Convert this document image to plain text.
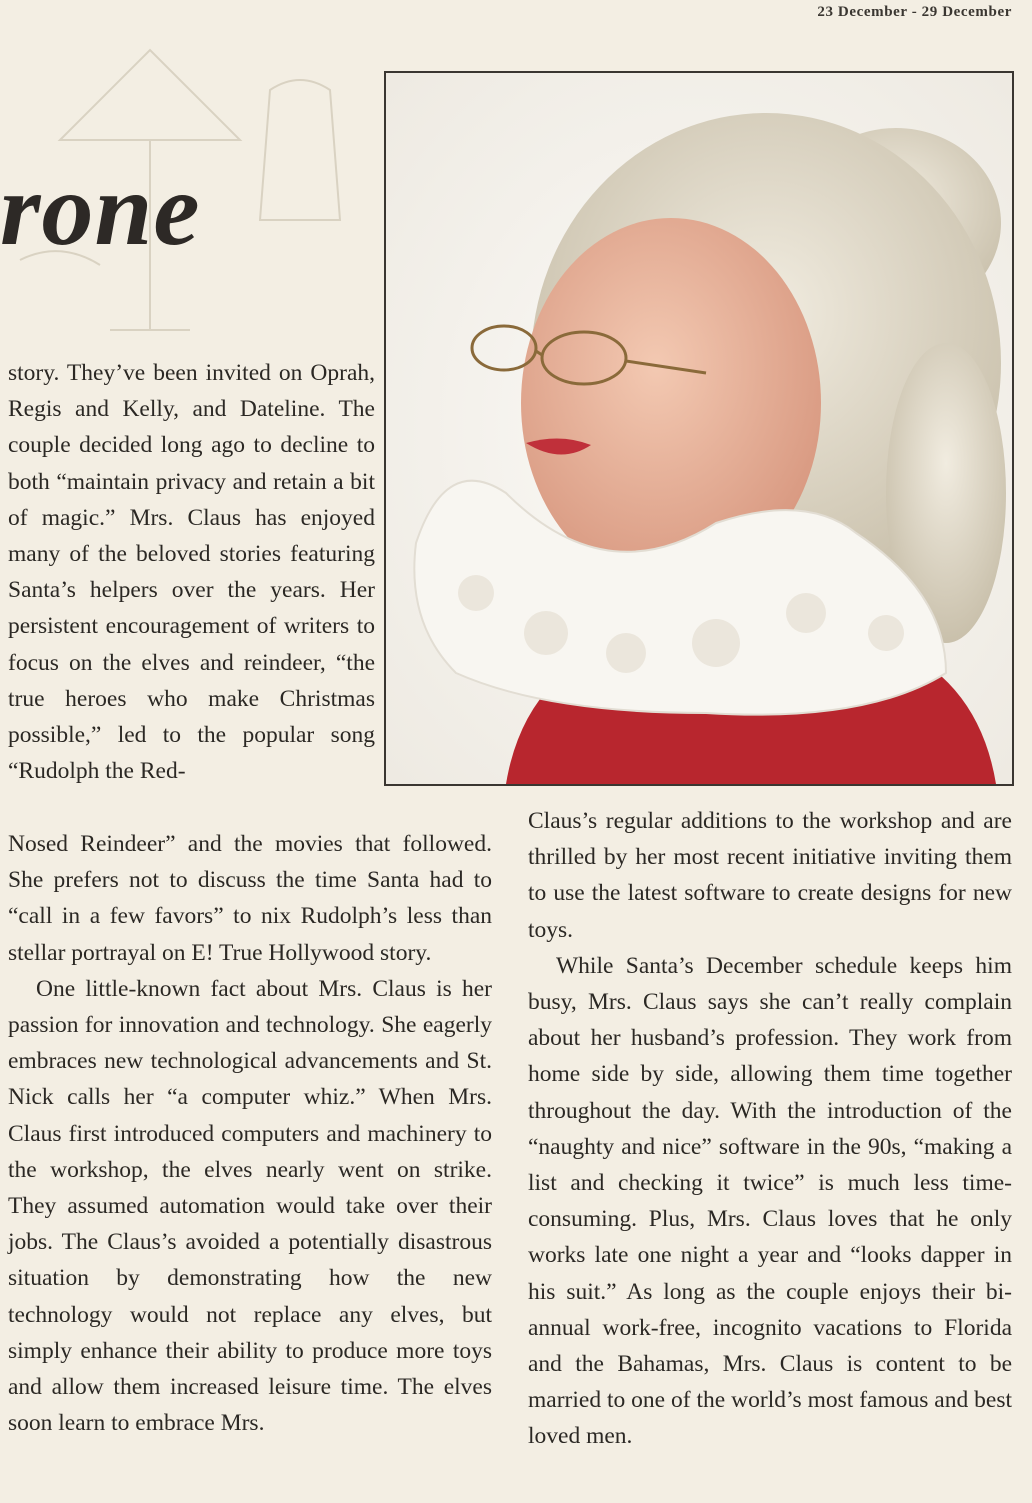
23 December - 29 December
rone

story. They’ve been invited on Oprah, Regis and Kelly, and Dateline. The couple decided long ago to decline to both “maintain privacy and retain a bit of magic.” Mrs. Claus has enjoyed many of the beloved stories featuring Santa’s helpers over the years. Her persistent encouragement of writers to focus on the elves and reindeer, “the true heroes who make Christmas possible,” led to the popular song “Rudolph the Red-

Nosed Reindeer” and the movies that followed. She prefers not to discuss the time Santa had to “call in a few favors” to nix Rudolph’s less than stellar portrayal on E! True Hollywood story.

One little-known fact about Mrs. Claus is her passion for innovation and technology. She eagerly embraces new technological advancements and St. Nick calls her “a computer whiz.” When Mrs. Claus first introduced computers and machinery to the workshop, the elves nearly went on strike. They assumed automation would take over their jobs. The Claus’s avoided a potentially disastrous situation by demonstrating how the new technology would not replace any elves, but simply enhance their ability to produce more toys and allow them increased leisure time. The elves soon learn to embrace Mrs.

Claus’s regular additions to the workshop and are thrilled by her most recent initiative inviting them to use the latest software to create designs for new toys.

While Santa’s December schedule keeps him busy, Mrs. Claus says she can’t really complain about her husband’s profession. They work from home side by side, allowing them time together throughout the day. With the introduction of the “naughty and nice” software in the 90s, “making a list and checking it twice” is much less time-consuming. Plus, Mrs. Claus loves that he only works late one night a year and “looks dapper in his suit.” As long as the couple enjoys their bi-annual work-free, incognito vacations to Florida and the Bahamas, Mrs. Claus is content to be married to one of the world’s most famous and best loved men.
